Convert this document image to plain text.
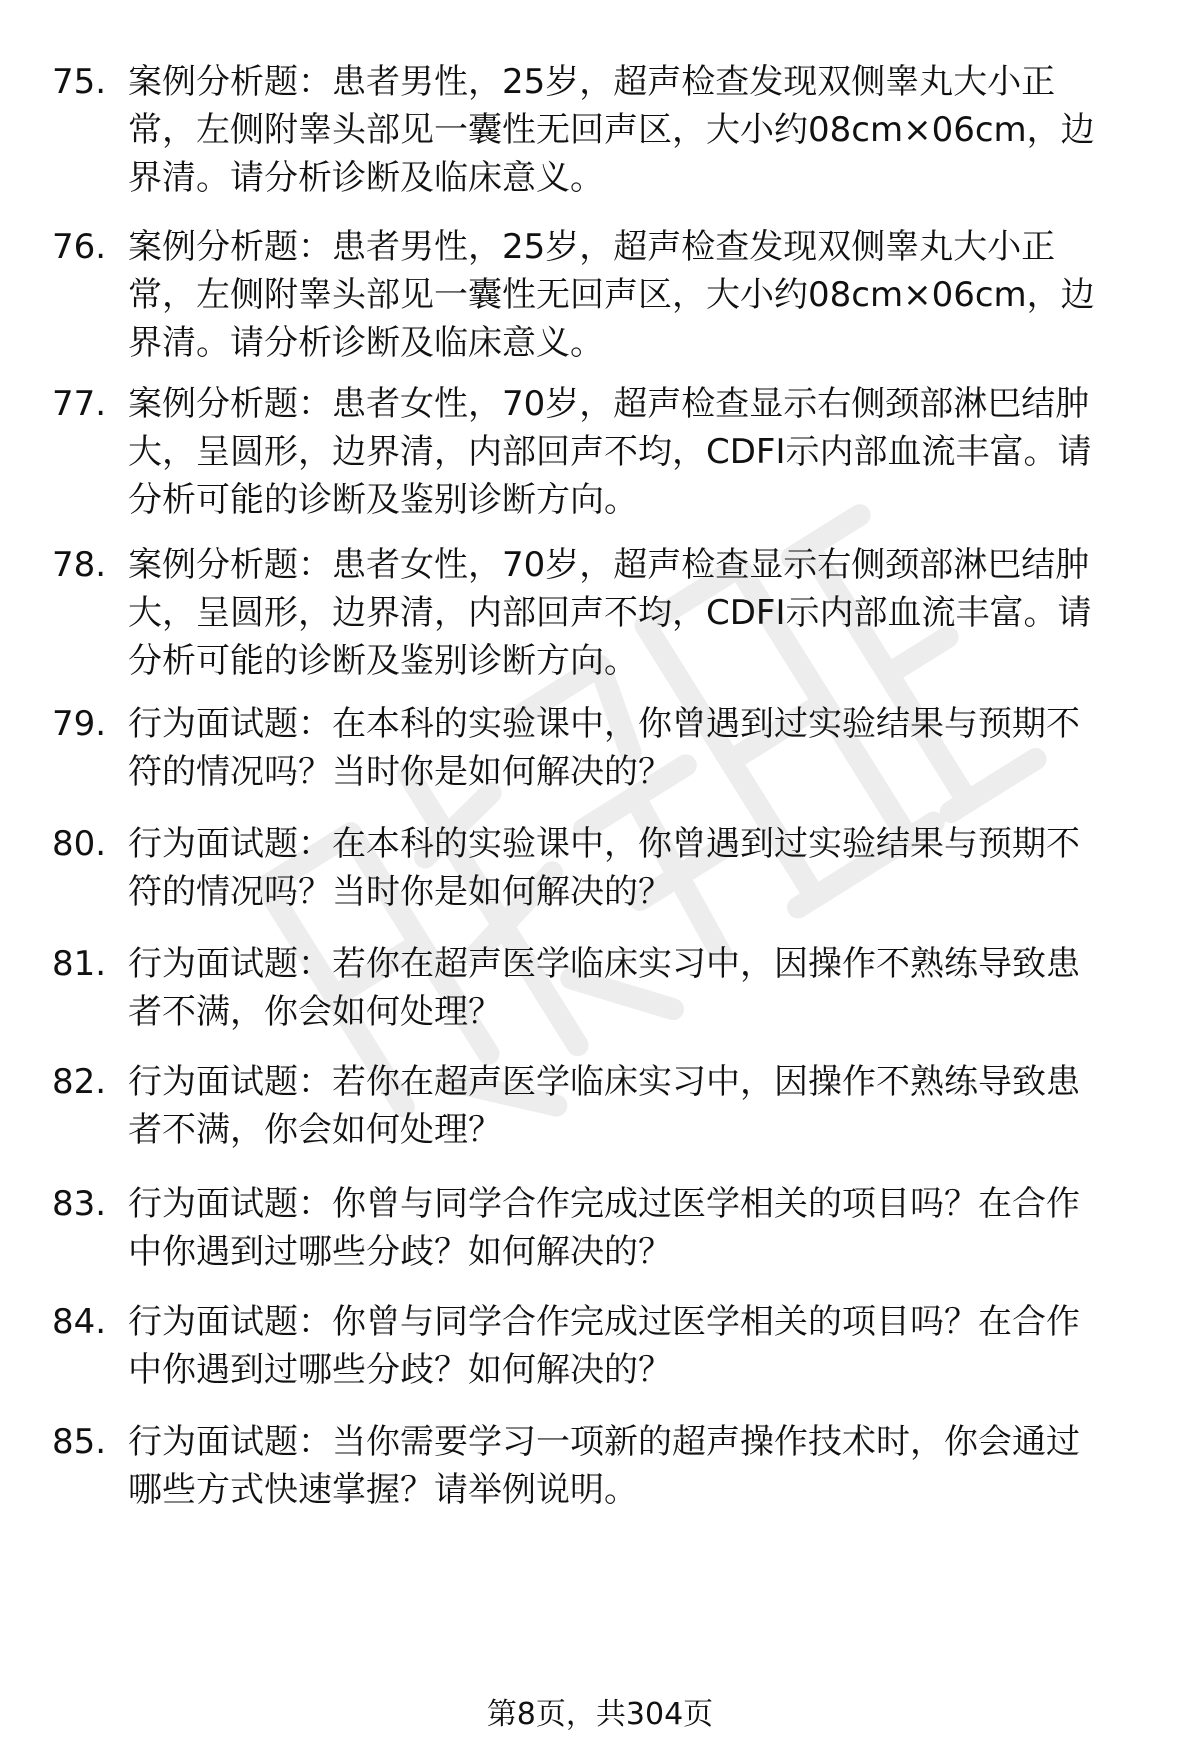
75. 案例分析题：患者男性，25岁，超声检查发现双侧睾丸大小正
常，左侧附睾头部见一囊性无回声区，大小约08cm×06cm，边
界清。请分析诊断及临床意义。
76. 案例分析题：患者男性，25岁，超声检查发现双侧睾丸大小正
常，左侧附睾头部见一囊性无回声区，大小约08cm×06cm，边
界清。请分析诊断及临床意义。
77. 案例分析题：患者女性，70岁，超声检查显示右侧颈部淋巴结肿
大，呈圆形，边界清，内部回声不均，CDFI示内部血流丰富。请
分析可能的诊断及鉴别诊断方向。
78. 案例分析题：患者女性，70岁，超声检查显示右侧颈部淋巴结肿
大，呈圆形，边界清，内部回声不均，CDFI示内部血流丰富。请
分析可能的诊断及鉴别诊断方向。
79. 行为面试题：在本科的实验课中，你曾遇到过实验结果与预期不
符的情况吗？当时你是如何解决的？
80. 行为面试题：在本科的实验课中，你曾遇到过实验结果与预期不
符的情况吗？当时你是如何解决的？
81. 行为面试题：若你在超声医学临床实习中，因操作不熟练导致患
者不满，你会如何处理？
82. 行为面试题：若你在超声医学临床实习中，因操作不熟练导致患
者不满，你会如何处理？
83. 行为面试题：你曾与同学合作完成过医学相关的项目吗？在合作
中你遇到过哪些分歧？如何解决的？
84. 行为面试题：你曾与同学合作完成过医学相关的项目吗？在合作
中你遇到过哪些分歧？如何解决的？
85. 行为面试题：当你需要学习一项新的超声操作技术时，你会通过
哪些方式快速掌握？请举例说明。
第8页，共304页
